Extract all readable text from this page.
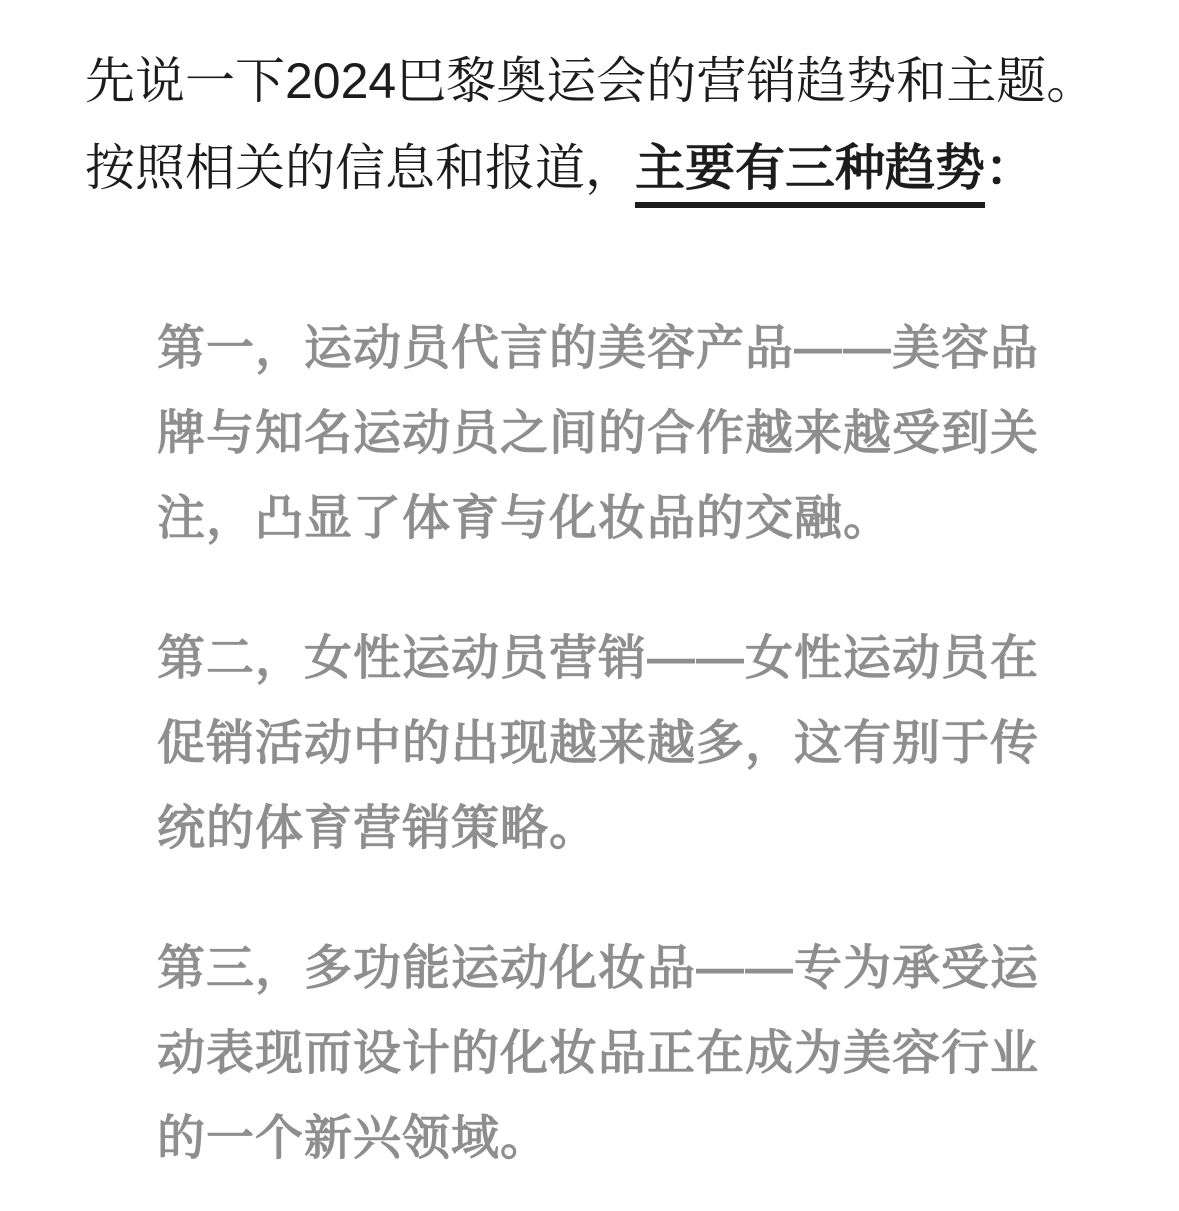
先说一下2024巴黎奥运会的营销趋势和主题。
按照相关的信息和报道，主要有三种趋势：
第一，运动员代言的美容产品——美容品
牌与知名运动员之间的合作越来越受到关
注，凸显了体育与化妆品的交融。
第二，女性运动员营销——女性运动员在
促销活动中的出现越来越多，这有别于传
统的体育营销策略。
第三，多功能运动化妆品——专为承受运
动表现而设计的化妆品正在成为美容行业
的一个新兴领域。
